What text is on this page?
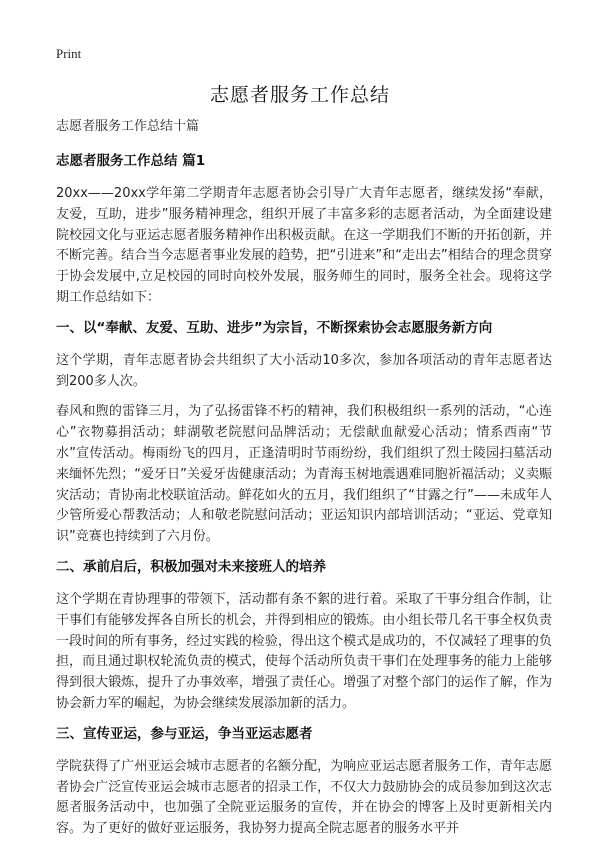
Print
志愿者服务工作总结
志愿者服务工作总结十篇
志愿者服务工作总结 篇1

20xx——20xx学年第二学期青年志愿者协会引导广大青年志愿者，继续发扬“奉献，友爱，互助，进步”服务精神理念，组织开展了丰富多彩的志愿者活动，为全面建设建院校园文化与亚运志愿者服务精神作出积极贡献。在这一学期我们不断的开拓创新，并不断完善。结合当今志愿者事业发展的趋势，把“引进来”和“走出去”相结合的理念贯穿于协会发展中,立足校园的同时向校外发展，服务师生的同时，服务全社会。现将这学期工作总结如下：

一、以“奉献、友爱、互助、进步”为宗旨，不断探索协会志愿服务新方向

这个学期，青年志愿者协会共组织了大小活动10多次，参加各项活动的青年志愿者达到200多人次。

春风和煦的雷锋三月，为了弘扬雷锋不朽的精神，我们积极组织一系列的活动，“心连心”衣物募捐活动；蚌湖敬老院慰问品牌活动；无偿献血献爱心活动；情系西南“节水”宣传活动。梅雨纷飞的四月，正逢清明时节雨纷纷，我们组织了烈士陵园扫墓活动来缅怀先烈；“爱牙日”关爱牙齿健康活动；为青海玉树地震遇难同胞祈福活动；义卖赈灾活动；青协南北校联谊活动。鲜花如火的五月，我们组织了“甘露之行”——未成年人少管所爱心帮教活动；人和敬老院慰问活动；亚运知识内部培训活动；“亚运、党章知识”竞赛也持续到了六月份。

二、承前启后，积极加强对未来接班人的培养

这个学期在青协理事的带领下，活动都有条不絮的进行着。采取了干事分组合作制，让干事们有能够发挥各自所长的机会，并得到相应的锻炼。由小组长带几名干事全权负责一段时间的所有事务，经过实践的检验，得出这个模式是成功的，不仅减轻了理事的负担，而且通过职权轮流负责的模式，使每个活动所负责干事们在处理事务的能力上能够得到很大锻炼，提升了办事效率，增强了责任心。增强了对整个部门的运作了解，作为协会新力军的崛起，为协会继续发展添加新的活力。

三、宣传亚运，参与亚运，争当亚运志愿者

学院获得了广州亚运会城市志愿者的名额分配，为响应亚运志愿者服务工作，青年志愿者协会广泛宣传亚运会城市志愿者的招录工作，不仅大力鼓励协会的成员参加到这次志愿者服务活动中，也加强了全院亚运服务的宣传，并在协会的博客上及时更新相关内容。为了更好的做好亚运服务，我协努力提高全院志愿者的服务水平并
